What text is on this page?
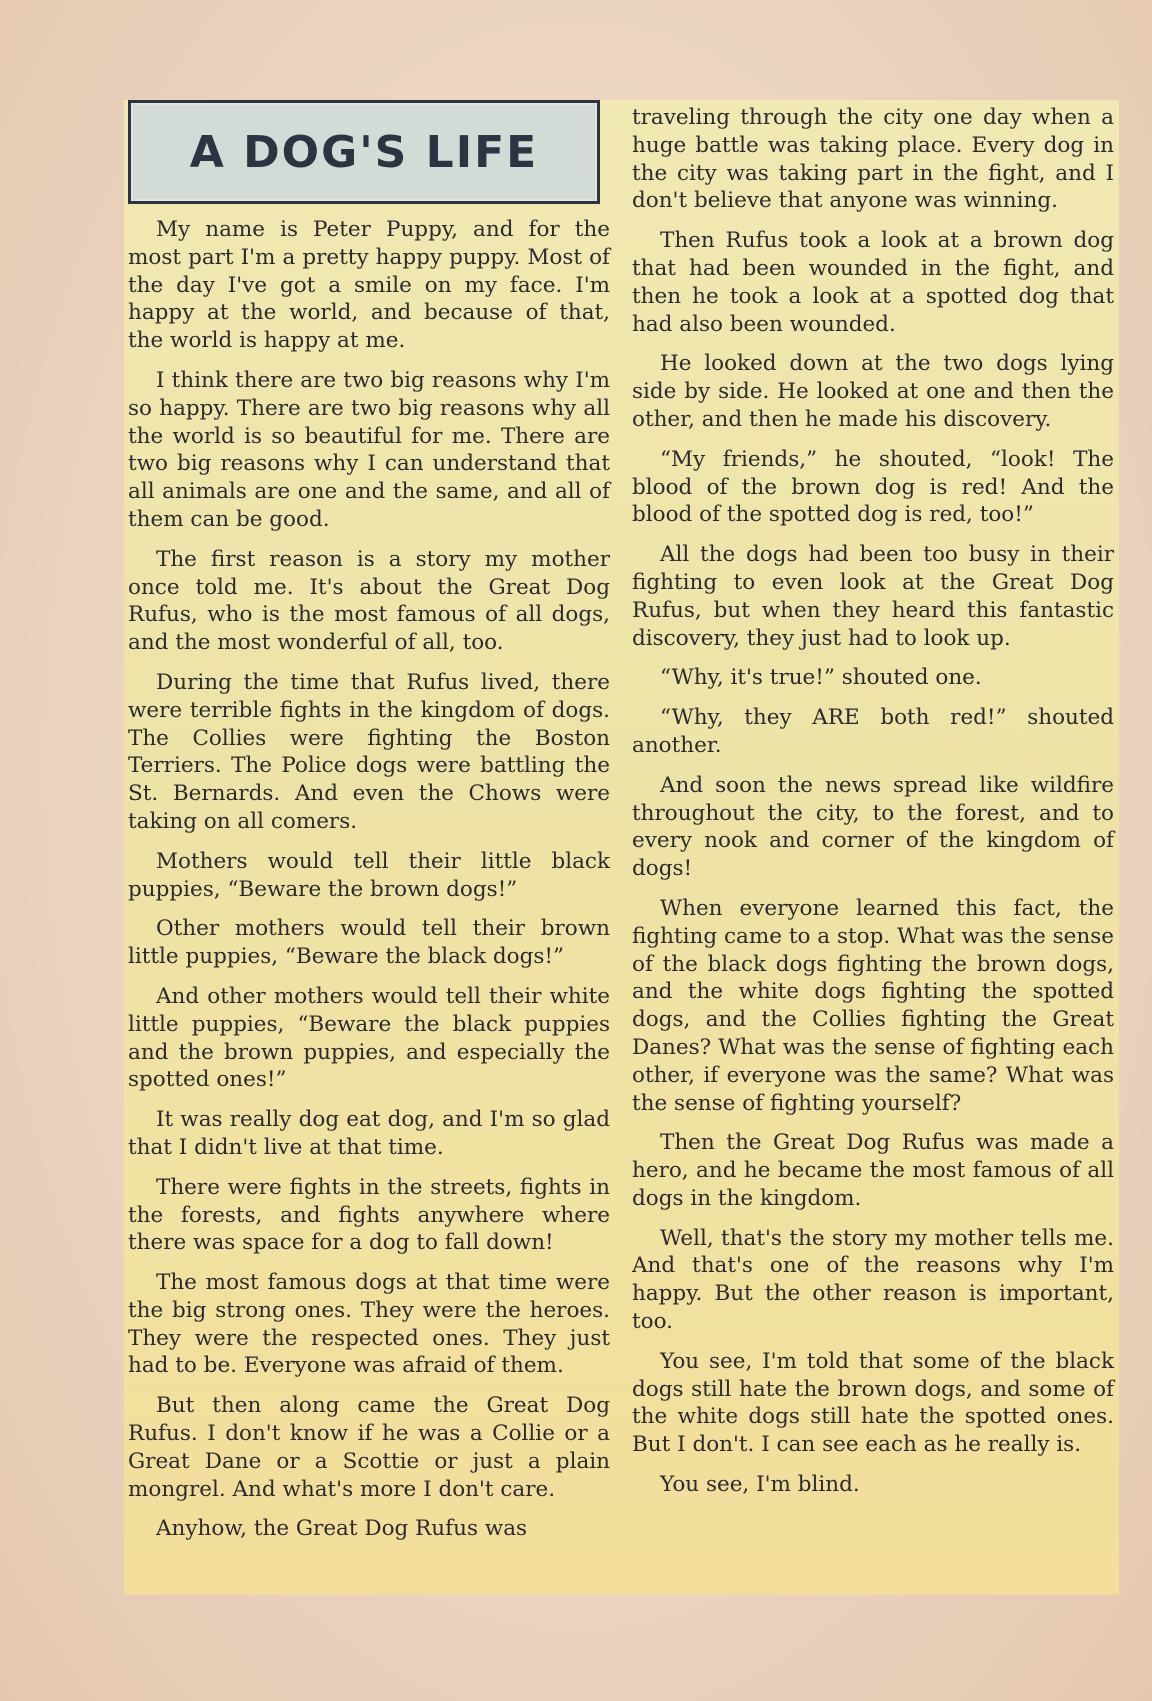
A DOG'S LIFE

My name is Peter Puppy, and for the most part I'm a pretty happy puppy. Most of the day I've got a smile on my face. I'm happy at the world, and because of that, the world is happy at me.

I think there are two big reasons why I'm so happy. There are two big reasons why all the world is so beautiful for me. There are two big reasons why I can understand that all animals are one and the same, and all of them can be good.

The first reason is a story my mother once told me. It's about the Great Dog Rufus, who is the most famous of all dogs, and the most wonderful of all, too.

During the time that Rufus lived, there were terrible fights in the kingdom of dogs. The Collies were fighting the Boston Terriers. The Police dogs were battling the St. Bernards. And even the Chows were taking on all comers.

Mothers would tell their little black puppies, “Beware the brown dogs!”

Other mothers would tell their brown little puppies, “Beware the black dogs!”

And other mothers would tell their white little puppies, “Beware the black puppies and the brown puppies, and especially the spotted ones!”

It was really dog eat dog, and I'm so glad that I didn't live at that time.

There were fights in the streets, fights in the forests, and fights anywhere where there was space for a dog to fall down!

The most famous dogs at that time were the big strong ones. They were the heroes. They were the respected ones. They just had to be. Everyone was afraid of them.

But then along came the Great Dog Rufus. I don't know if he was a Collie or a Great Dane or a Scottie or just a plain mongrel. And what's more I don't care.

Anyhow, the Great Dog Rufus was

traveling through the city one day when a huge battle was taking place. Every dog in the city was taking part in the fight, and I don't believe that anyone was winning.

Then Rufus took a look at a brown dog that had been wounded in the fight, and then he took a look at a spotted dog that had also been wounded.

He looked down at the two dogs lying side by side. He looked at one and then the other, and then he made his discovery.

“My friends,” he shouted, “look! The blood of the brown dog is red! And the blood of the spotted dog is red, too!”

All the dogs had been too busy in their fighting to even look at the Great Dog Rufus, but when they heard this fantastic discovery, they just had to look up.

“Why, it's true!” shouted one.

“Why, they ARE both red!” shouted another.

And soon the news spread like wildfire throughout the city, to the forest, and to every nook and corner of the kingdom of dogs!

When everyone learned this fact, the fighting came to a stop. What was the sense of the black dogs fighting the brown dogs, and the white dogs fighting the spotted dogs, and the Collies fighting the Great Danes? What was the sense of fighting each other, if everyone was the same? What was the sense of fighting yourself?

Then the Great Dog Rufus was made a hero, and he became the most famous of all dogs in the kingdom.

Well, that's the story my mother tells me. And that's one of the reasons why I'm happy. But the other reason is important, too.

You see, I'm told that some of the black dogs still hate the brown dogs, and some of the white dogs still hate the spotted ones. But I don't. I can see each as he really is.

You see, I'm blind.
